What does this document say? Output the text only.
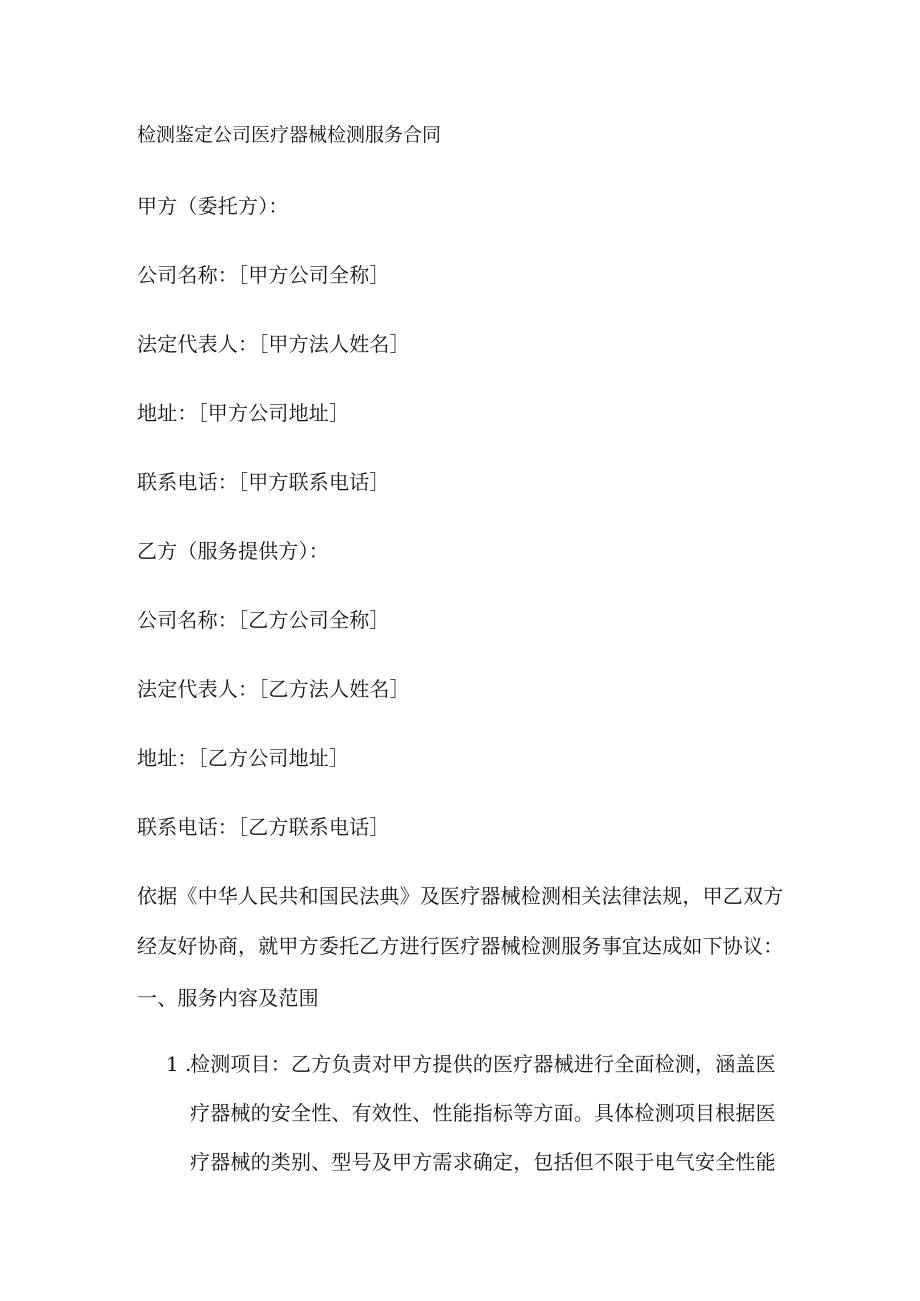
检测鉴定公司医疗器械检测服务合同
甲方（委托方）：
公司名称：［甲方公司全称］
法定代表人：［甲方法人姓名］
地址：［甲方公司地址］
联系电话：［甲方联系电话］
乙方（服务提供方）：
公司名称：［乙方公司全称］
法定代表人：［乙方法人姓名］
地址：［乙方公司地址］
联系电话：［乙方联系电话］
依据《中华人民共和国民法典》及医疗器械检测相关法律法规，甲乙双方
经友好协商，就甲方委托乙方进行医疗器械检测服务事宜达成如下协议：
一、服务内容及范围
1 .
检测项目：乙方负责对甲方提供的医疗器械进行全面检测，涵盖医
疗器械的安全性、有效性、性能指标等方面。具体检测项目根据医
疗器械的类别、型号及甲方需求确定，包括但不限于电气安全性能
